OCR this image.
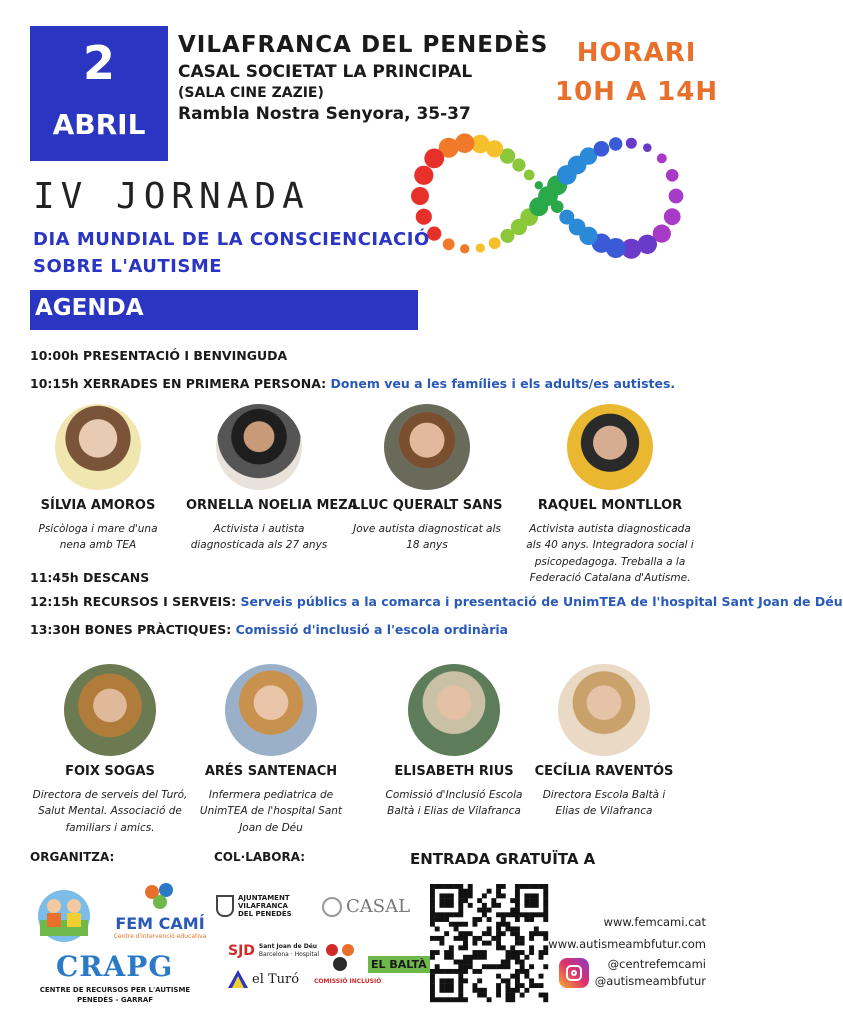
2
ABRIL
VILAFRANCA DEL PENEDÈS
CASAL SOCIETAT LA PRINCIPAL
(SALA CINE ZAZIE)
Rambla Nostra Senyora, 35-37
HORARI
10H A 14H
IV JORNADA
DIA MUNDIAL DE LA CONSCIENCIACIÓ
SOBRE L'AUTISME
AGENDA
10:00h PRESENTACIÓ I BENVINGUDA
10:15h XERRADES EN PRIMERA PERSONA: Donem veu a les famílies i els adults/es autistes.
SÍLVIA AMOROS
Psicòloga i mare d'una nena amb TEA
ORNELLA NOELIA MEZA
Activista i autista diagnosticada als 27 anys
LLUC QUERALT SANS
Jove autista diagnosticat als 18 anys
RAQUEL MONTLLOR
Activista autista diagnosticada als 40 anys. Integradora social i psicopedagoga. Treballa a la Federació Catalana d'Autisme.
11:45h DESCANS
12:15h RECURSOS I SERVEIS: Serveis públics a la comarca i presentació de UnimTEA de l'hospital Sant Joan de Déu
13:30H BONES PRÀCTIQUES: Comissió d'inclusió a l'escola ordinària
FOIX SOGAS
Directora de serveis del Turó, Salut Mental. Associació de familiars i amics.
ARÉS SANTENACH
Infermera pediatrica de UnimTEA de l'hospital Sant Joan de Déu
ELISABETH RIUS
Comissió d'Inclusió Escola Baltà i Elias de Vilafranca
CECÍLIA RAVENTÓS
Directora Escola Baltà i Elias de Vilafranca
ORGANITZA:	COL·LABORA:	ENTRADA GRATUÏTA A
FEM CAMÍ
Centre d'intervenció educativa
CRAPG
CENTRE DE RECURSOS PER L'AUTISME
PENEDÈS - GARRAF
AJUNTAMENT
VILAFRANCA
DEL PENEDÈS	CASAL
SJD Sant Joan de Déu
Barcelona · Hospital
COMISSIÓ INCLUSIÓ
EL BALTÀ
el Turó
www.femcami.cat
www.autismeambfutur.com
@centrefemcami
@autismeambfutur
